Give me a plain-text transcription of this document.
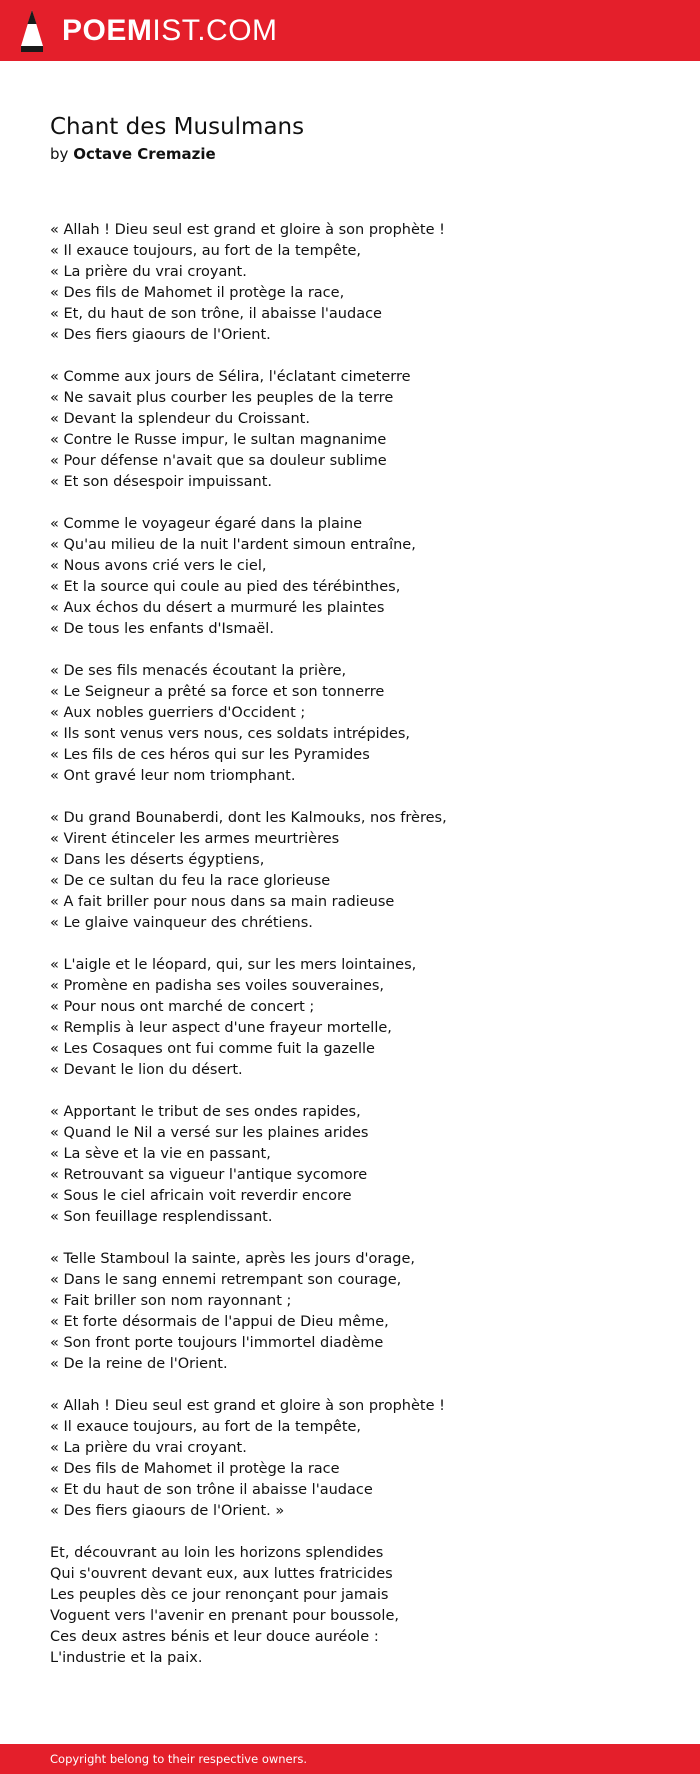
POEMIST.COM
Chant des Musulmans
by Octave Cremazie
« Allah ! Dieu seul est grand et gloire à son prophète !
« Il exauce toujours, au fort de la tempête,
« La prière du vrai croyant.
« Des fils de Mahomet il protège la race,
« Et, du haut de son trône, il abaisse l'audace
« Des fiers giaours de l'Orient.
« Comme aux jours de Sélira, l'éclatant cimeterre
« Ne savait plus courber les peuples de la terre
« Devant la splendeur du Croissant.
« Contre le Russe impur, le sultan magnanime
« Pour défense n'avait que sa douleur sublime
« Et son désespoir impuissant.
« Comme le voyageur égaré dans la plaine
« Qu'au milieu de la nuit l'ardent simoun entraîne,
« Nous avons crié vers le ciel,
« Et la source qui coule au pied des térébinthes,
« Aux échos du désert a murmuré les plaintes
« De tous les enfants d'Ismaël.
« De ses fils menacés écoutant la prière,
« Le Seigneur a prêté sa force et son tonnerre
« Aux nobles guerriers d'Occident ;
« Ils sont venus vers nous, ces soldats intrépides,
« Les fils de ces héros qui sur les Pyramides
« Ont gravé leur nom triomphant.
« Du grand Bounaberdi, dont les Kalmouks, nos frères,
« Virent étinceler les armes meurtrières
« Dans les déserts égyptiens,
« De ce sultan du feu la race glorieuse
« A fait briller pour nous dans sa main radieuse
« Le glaive vainqueur des chrétiens.
« L'aigle et le léopard, qui, sur les mers lointaines,
« Promène en padisha ses voiles souveraines,
« Pour nous ont marché de concert ;
« Remplis à leur aspect d'une frayeur mortelle,
« Les Cosaques ont fui comme fuit la gazelle
« Devant le lion du désert.
« Apportant le tribut de ses ondes rapides,
« Quand le Nil a versé sur les plaines arides
« La sève et la vie en passant,
« Retrouvant sa vigueur l'antique sycomore
« Sous le ciel africain voit reverdir encore
« Son feuillage resplendissant.
« Telle Stamboul la sainte, après les jours d'orage,
« Dans le sang ennemi retrempant son courage,
« Fait briller son nom rayonnant ;
« Et forte désormais de l'appui de Dieu même,
« Son front porte toujours l'immortel diadème
« De la reine de l'Orient.
« Allah ! Dieu seul est grand et gloire à son prophète !
« Il exauce toujours, au fort de la tempête,
« La prière du vrai croyant.
« Des fils de Mahomet il protège la race
« Et du haut de son trône il abaisse l'audace
« Des fiers giaours de l'Orient. »
Et, découvrant au loin les horizons splendides
Qui s'ouvrent devant eux, aux luttes fratricides
Les peuples dès ce jour renonçant pour jamais
Voguent vers l'avenir en prenant pour boussole,
Ces deux astres bénis et leur douce auréole :
L'industrie et la paix.
Copyright belong to their respective owners.
